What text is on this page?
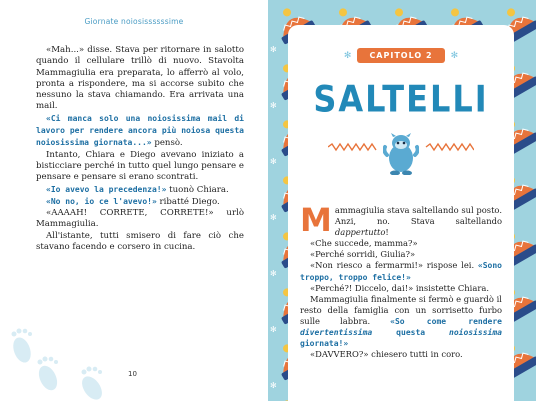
Giornate noiosissssssime

«Mah...» disse. Stava per ritornare in salotto quando il cellulare trillò di nuovo. Stavolta Mammagiulia era preparata, lo afferrò al volo, pronta a rispondere, ma si accorse subito che nessuno la stava chiamando. Era arrivata una mail.

«Ci manca solo una noiosissima mail di lavoro per rendere ancora più noiosa questa noiosissima giornata...» pensò.

Intanto, Chiara e Diego avevano iniziato a bisticciare perché in tutto quel lungo pensare e pensare e pensare si erano scontrati.

«Io avevo la precedenza!» tuonò Chiara.

«No no, io ce l'avevo!» ribatté Diego.

«AAAAH! CORRETE, CORRETE!» urlò Mammagiulia.

All'istante, tutti smisero di fare ciò che stavano facendo e corsero in cucina.

10
✻ CAPITOLO 2 ✻
SALTELLI

Mammagiulia stava saltellando sul posto. Anzi, no. Stava saltellando dappertutto!

«Che succede, mamma?»

«Perché sorridi, Giulia?»

«Non riesco a fermarmi!» rispose lei. «Sono troppo, troppo felice!»

«Perché?! Diccelo, dai!» insistette Chiara.

Mammagiulia finalmente si fermò e guardò il resto della famiglia con un sorrisetto furbo sulle labbra. «So come rendere divertentissima questa noiosissima giornata!»

«DAVVERO?» chiesero tutti in coro.
